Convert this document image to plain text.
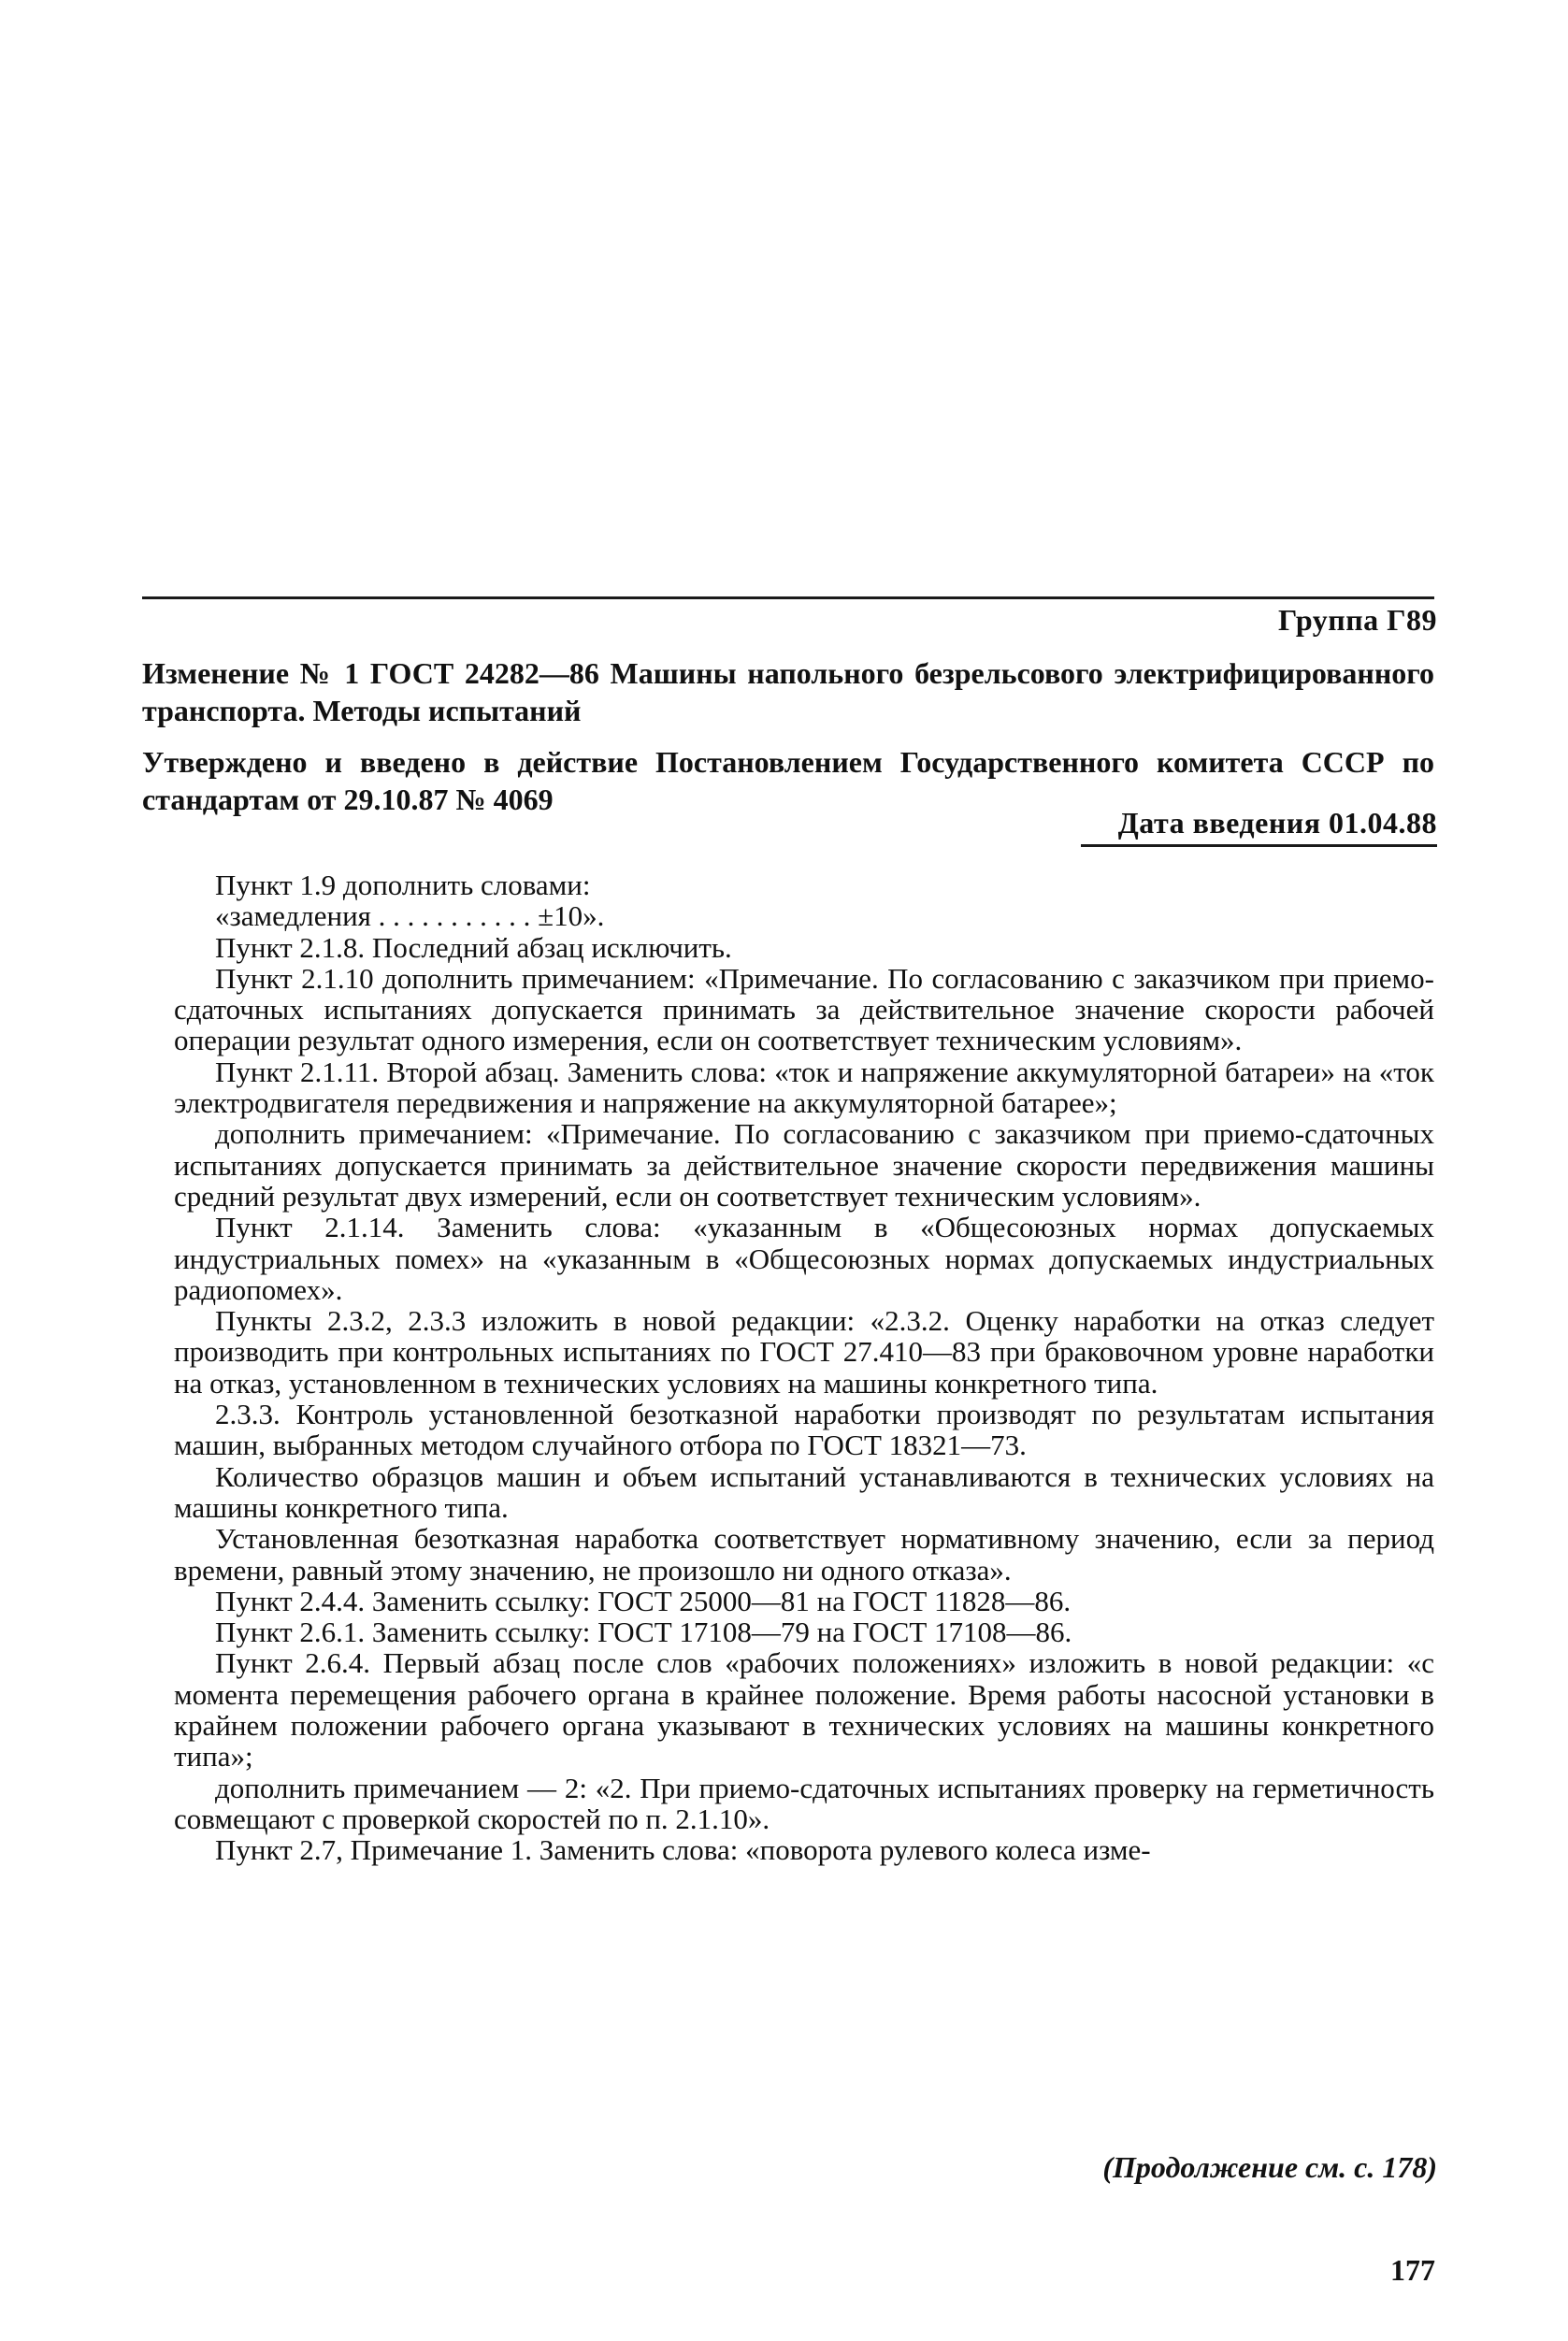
Группа Г89
Изменение № 1 ГОСТ 24282—86 Машины напольного безрельсового электрифицированного транспорта. Методы испытаний
Утверждено и введено в действие Постановлением Государственного комитета СССР по стандартам от 29.10.87 № 4069
Дата введения 01.04.88

Пункт 1.9 дополнить словами:

«замедления . . . . . . . . . . . ±10».

Пункт 2.1.8. Последний абзац исключить.

Пункт 2.1.10 дополнить примечанием: «Примечание. По согласованию с заказчиком при приемо-сдаточных испытаниях допускается принимать за действительное значение скорости рабочей операции результат одного измерения, если он соответствует техническим условиям».

Пункт 2.1.11. Второй абзац. Заменить слова: «ток и напряжение аккумуляторной батареи» на «ток электродвигателя передвижения и напряжение на аккумуляторной батарее»;

дополнить примечанием: «Примечание. По согласованию с заказчиком при приемо-сдаточных испытаниях допускается принимать за действительное значение скорости передвижения машины средний результат двух измерений, если он соответствует техническим условиям».

Пункт 2.1.14. Заменить слова: «указанным в «Общесоюзных нормах допускаемых индустриальных помех» на «указанным в «Общесоюзных нормах допускаемых индустриальных радиопомех».

Пункты 2.3.2, 2.3.3 изложить в новой редакции: «2.3.2. Оценку наработки на отказ следует производить при контрольных испытаниях по ГОСТ 27.410—83 при браковочном уровне наработки на отказ, установленном в технических условиях на машины конкретного типа.

2.3.3. Контроль установленной безотказной наработки производят по результатам испытания машин, выбранных методом случайного отбора по ГОСТ 18321—73.

Количество образцов машин и объем испытаний устанавливаются в технических условиях на машины конкретного типа.

Установленная безотказная наработка соответствует нормативному значению, если за период времени, равный этому значению, не произошло ни одного отказа».

Пункт 2.4.4. Заменить ссылку: ГОСТ 25000—81 на ГОСТ 11828—86.

Пункт 2.6.1. Заменить ссылку: ГОСТ 17108—79 на ГОСТ 17108—86.

Пункт 2.6.4. Первый абзац после слов «рабочих положениях» изложить в новой редакции: «с момента перемещения рабочего органа в крайнее положение. Время работы насосной установки в крайнем положении рабочего органа указывают в технических условиях на машины конкретного типа»;

дополнить примечанием — 2: «2. При приемо-сдаточных испытаниях проверку на герметичность совмещают с проверкой скоростей по п. 2.1.10».

Пункт 2.7, Примечание 1. Заменить слова: «поворота рулевого колеса изме-

(Продолжение см. с. 178)
177
